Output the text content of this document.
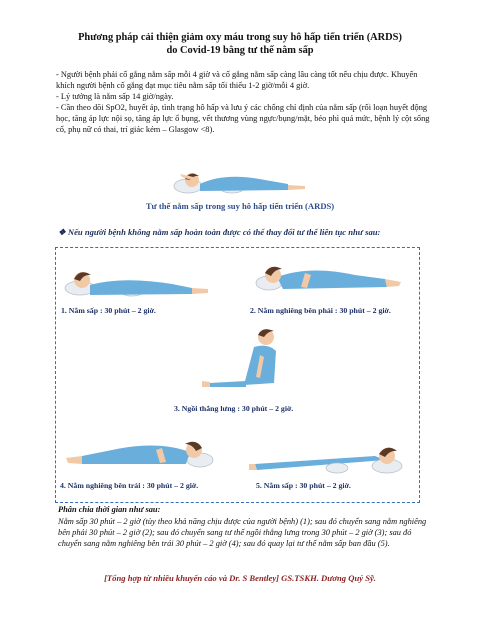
Phương pháp cải thiện giảm oxy máu trong suy hô hấp tiến triển (ARDS)
do Covid-19 bằng tư thế nằm sấp

- Người bệnh phải cố gắng nằm sấp mỗi 4 giờ và cố gắng nằm sấp càng lâu càng tốt nếu chịu được. Khuyến khích người bệnh cố gắng đạt mục tiêu nằm sấp tối thiểu 1-2 giờ/mỗi 4 giờ.

- Lý tưởng là nằm sấp 14 giờ/ngày.

- Cần theo dõi SpO2, huyết áp, tình trạng hô hấp và lưu ý các chống chỉ định của nằm sấp (rối loạn huyết động học, tăng áp lực nội sọ, tăng áp lực ổ bụng, vết thương vùng ngực/bụng/mặt, béo phì quá mức, bệnh lý cột sống cổ, phụ nữ có thai, trí giác kém – Glasgow <8).

Tư thế nằm sấp trong suy hô hấp tiến triển (ARDS)
❖ Nếu người bệnh không nằm sấp hoàn toàn được có thể thay đổi tư thế liên tục như sau:
1. Nằm sấp : 30 phút – 2 giờ.	2. Nằm nghiêng bên phải : 30 phút – 2 giờ.
3. Ngồi thẳng lưng : 30 phút – 2 giờ.
4. Nằm nghiêng bên trái : 30 phút – 2 giờ.	5. Nằm sấp : 30 phút – 2 giờ.
Phân chia thời gian như sau:
Nằm sấp 30 phút – 2 giờ (tùy theo khả năng chịu được của người bệnh) (1); sau đó chuyển sang nằm nghiêng bên phải 30 phút – 2 giờ (2); sau đó chuyển sang tư thế ngồi thẳng lưng trong 30 phút – 2 giờ (3); sau đó chuyển sang nằm nghiêng bên trái 30 phút – 2 giờ (4); sau đó quay lại tư thế nằm sấp ban đầu (5).
[Tổng hợp từ nhiều khuyến cáo và Dr. S Bentley] GS.TSKH. Dương Quý Sỹ.
